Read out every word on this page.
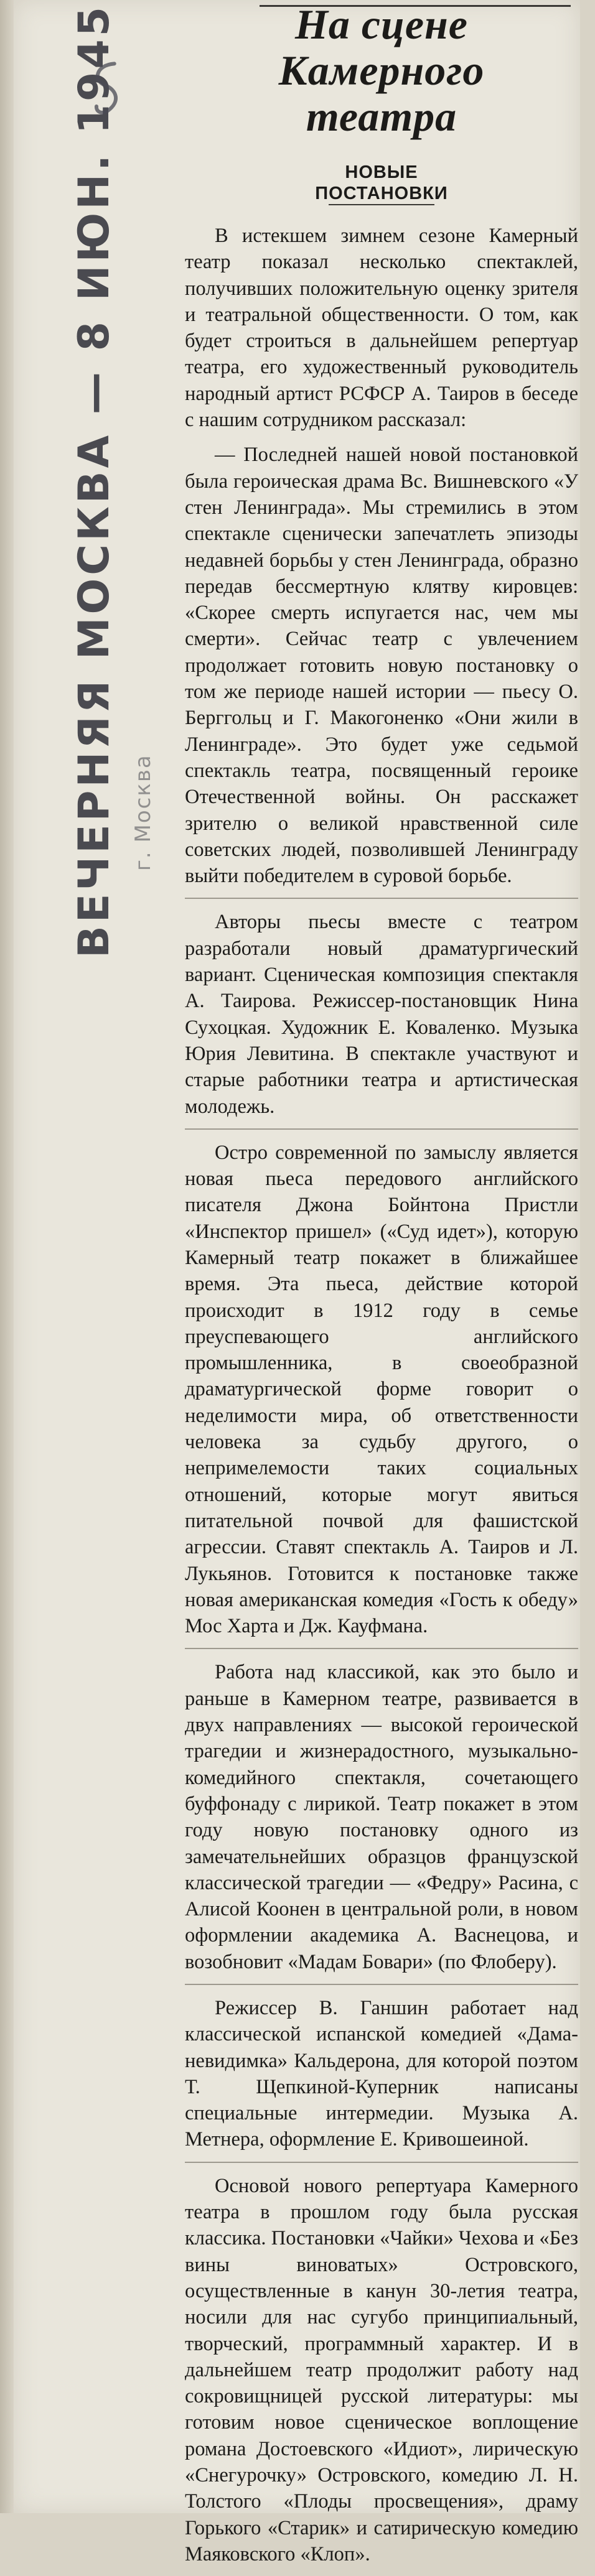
ВЕЧЕРНЯЯ МОСКВА — 8 ИЮН. 1945 г. Москва
На сцене
Камерного
театра
НОВЫЕ
ПОСТАНОВКИ

В истекшем зимнем сезоне Камерный театр показал несколько спектаклей, получивших положительную оценку зрителя и театральной общественности. О том, как будет строиться в дальнейшем репертуар театра, его художественный руководитель народный артист РСФСР А. Таиров в беседе с нашим сотрудником рассказал:

— Последней нашей новой постановкой была героическая драма Вс. Вишневского «У стен Ленинграда». Мы стремились в этом спектакле сценически запечатлеть эпизоды недавней борьбы у стен Ленинграда, образно передав бессмертную клятву кировцев: «Скорее смерть испугается нас, чем мы смерти». Сейчас театр с увлечением продолжает готовить новую постановку о том же периоде нашей истории — пьесу О. Берггольц и Г. Макогоненко «Они жили в Ленинграде». Это будет уже седьмой спектакль театра, посвященный героике Отечественной войны. Он расскажет зрителю о великой нравственной силе советских людей, позволившей Ленинграду выйти победителем в суровой борьбе.

Авторы пьесы вместе с театром разработали новый драматургический вариант. Сценическая композиция спектакля А. Таирова. Режиссер-постановщик Нина Сухоцкая. Художник Е. Коваленко. Музыка Юрия Левитина. В спектакле участвуют и старые работники театра и артистическая молодежь.

Остро современной по замыслу является новая пьеса передового английского писателя Джона Бойнтона Пристли «Инспектор пришел» («Суд идет»), которую Камерный театр покажет в ближайшее время. Эта пьеса, действие которой происходит в 1912 году в семье преуспевающего английского промышленника, в своеобразной драматургической форме говорит о неделимости мира, об ответственности человека за судьбу другого, о непримелемости таких социальных отношений, которые могут явиться питательной почвой для фашистской агрессии. Ставят спектакль А. Таиров и Л. Лукьянов. Готовится к постановке также новая американская комедия «Гость к обеду» Мос Харта и Дж. Кауфмана.

Работа над классикой, как это было и раньше в Камерном театре, развивается в двух направлениях — высокой героической трагедии и жизнерадостного, музыкально-комедийного спектакля, сочетающего буффонаду с лирикой. Театр покажет в этом году новую постановку одного из замечательнейших образцов французской классической трагедии — «Федру» Расина, с Алисой Коонен в центральной роли, в новом оформлении академика А. Васнецова, и возобновит «Мадам Бовари» (по Флоберу).

Режиссер В. Ганшин работает над классической испанской комедией «Дама-невидимка» Кальдерона, для которой поэтом Т. Щепкиной-Куперник написаны специальные интермедии. Музыка А. Метнера, оформление Е. Кривошеиной.

Основой нового репертуара Камерного театра в прошлом году была русская классика. Постановки «Чайки» Чехова и «Без вины виноватых» Островского, осуществленные в канун 30-летия театра, носили для нас сугубо принципиальный, творческий, программный характер. И в дальнейшем театр продолжит работу над сокровищницей русской литературы: мы готовим новое сценическое воплощение романа Достоевского «Идиот», лирическую «Снегурочку» Островского, комедию Л. Н. Толстого «Плоды просвещения», драму Горького «Старик» и сатирическую комедию Маяковского «Клоп».
